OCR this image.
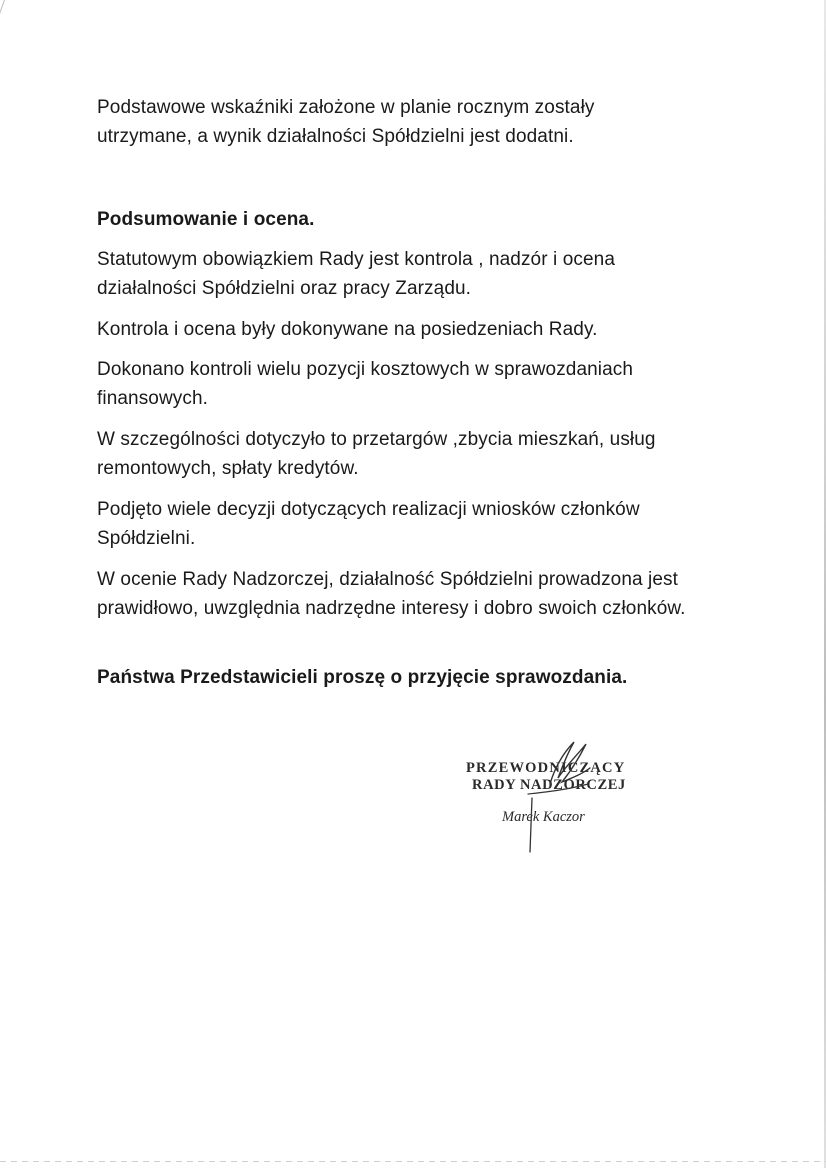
Podstawowe wskaźniki założone w planie rocznym zostały utrzymane, a wynik działalności Spółdzielni jest dodatni.

Podsumowanie i ocena.

Statutowym obowiązkiem Rady jest kontrola , nadzór i ocena działalności Spółdzielni oraz pracy Zarządu.

Kontrola i ocena były dokonywane na posiedzeniach Rady.

Dokonano kontroli wielu pozycji kosztowych w sprawozdaniach finansowych.

W szczególności dotyczyło to przetargów ,zbycia mieszkań, usług remontowych, spłaty kredytów.

Podjęto wiele decyzji dotyczących realizacji wniosków członków Spółdzielni.

W ocenie Rady Nadzorczej, działalność Spółdzielni prowadzona jest prawidłowo, uwzględnia nadrzędne interesy i dobro swoich członków.

Państwa Przedstawicieli proszę o przyjęcie sprawozdania.

PRZEWODNICZĄCY
RADY NADZORCZEJ
Marek Kaczor
